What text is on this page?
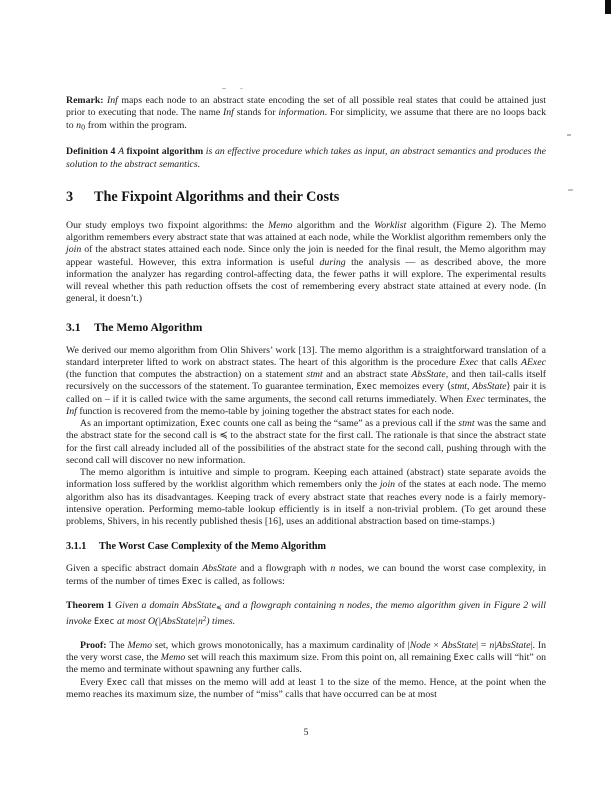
Remark: Inf maps each node to an abstract state encoding the set of all possible real states that could be attained just prior to executing that node. The name Inf stands for information. For simplicity, we assume that there are no loops back to n0 from within the program.

Definition 4 A fixpoint algorithm is an effective procedure which takes as input, an abstract semantics and produces the solution to the abstract semantics.

3 The Fixpoint Algorithms and their Costs

Our study employs two fixpoint algorithms: the Memo algorithm and the Worklist algorithm (Figure 2). The Memo algorithm remembers every abstract state that was attained at each node, while the Worklist algorithm remembers only the join of the abstract states attained each node. Since only the join is needed for the final result, the Memo algorithm may appear wasteful. However, this extra information is useful during the analysis — as described above, the more information the analyzer has regarding control-affecting data, the fewer paths it will explore. The experimental results will reveal whether this path reduction offsets the cost of remembering every abstract state attained at every node. (In general, it doesn’t.)

3.1 The Memo Algorithm

We derived our memo algorithm from Olin Shivers’ work [13]. The memo algorithm is a straightforward translation of a standard interpreter lifted to work on abstract states. The heart of this algorithm is the procedure Exec that calls AExec (the function that computes the abstraction) on a statement stmt and an abstract state AbsState, and then tail-calls itself recursively on the successors of the statement. To guarantee termination, Exec memoizes every ⟨stmt, AbsState⟩ pair it is called on – if it is called twice with the same arguments, the second call returns immediately. When Exec terminates, the Inf function is recovered from the memo-table by joining together the abstract states for each node.

As an important optimization, Exec counts one call as being the “same” as a previous call if the stmt was the same and the abstract state for the second call is ≼ to the abstract state for the first call. The rationale is that since the abstract state for the first call already included all of the possibilities of the abstract state for the second call, pushing through with the second call will discover no new information.

The memo algorithm is intuitive and simple to program. Keeping each attained (abstract) state separate avoids the information loss suffered by the worklist algorithm which remembers only the join of the states at each node. The memo algorithm also has its disadvantages. Keeping track of every abstract state that reaches every node is a fairly memory-intensive operation. Performing memo-table lookup efficiently is in itself a non-trivial problem. (To get around these problems, Shivers, in his recently published thesis [16], uses an additional abstraction based on time-stamps.)

3.1.1 The Worst Case Complexity of the Memo Algorithm

Given a specific abstract domain AbsState and a flowgraph with n nodes, we can bound the worst case complexity, in terms of the number of times Exec is called, as follows:

Theorem 1 Given a domain AbsState≼ and a flowgraph containing n nodes, the memo algorithm given in Figure 2 will invoke Exec at most $O(|AbsState|n^2)$ times.

Proof: The Memo set, which grows monotonically, has a maximum cardinality of |Node × AbsState| = n|AbsState|. In the very worst case, the Memo set will reach this maximum size. From this point on, all remaining Exec calls will “hit” on the memo and terminate without spawning any further calls.

Every Exec call that misses on the memo will add at least 1 to the size of the memo. Hence, at the point when the memo reaches its maximum size, the number of “miss” calls that have occurred can be at most

5
